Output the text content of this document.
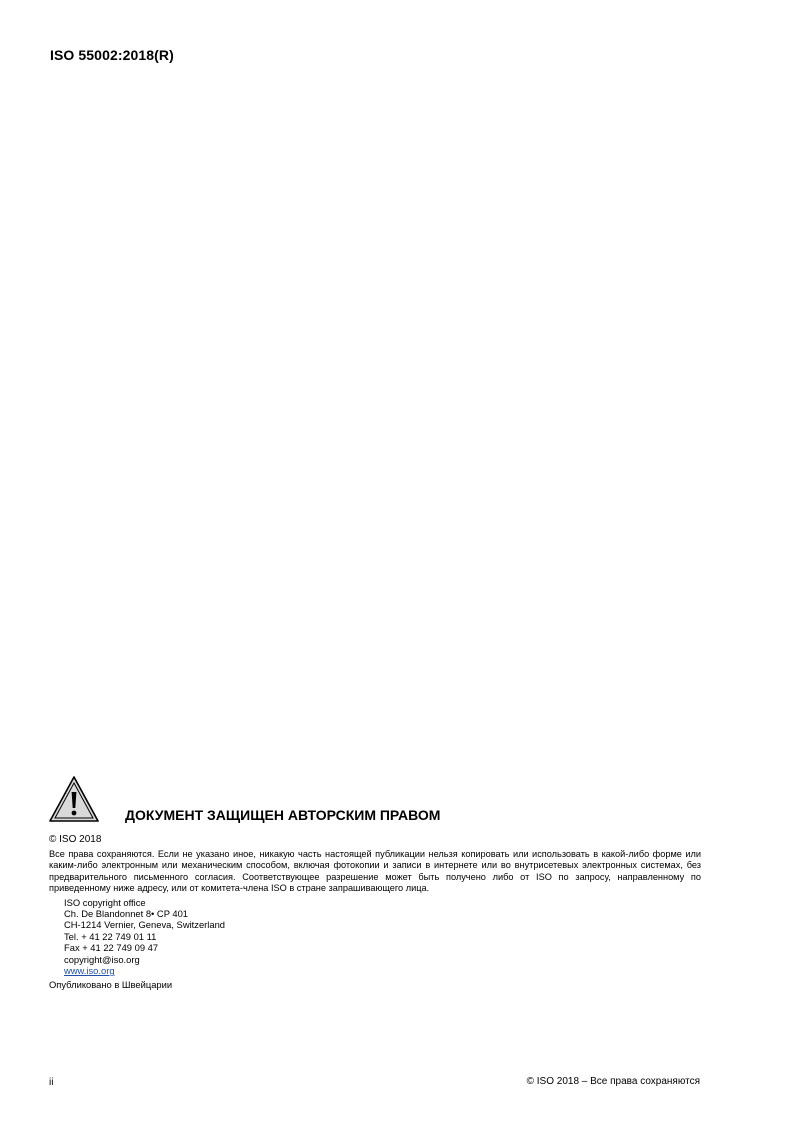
ISO 55002:2018(R)
ДОКУМЕНТ ЗАЩИЩЕН АВТОРСКИМ ПРАВОМ
© ISO 2018
Все права сохраняются. Если не указано иное, никакую часть настоящей публикации нельзя копировать или использовать в какой-либо форме или каким-либо электронным или механическим способом, включая фотокопии и записи в интернете или во внутрисетевых электронных системах, без предварительного письменного согласия. Соответствующее разрешение может быть получено либо от ISO по запросу, направленному по приведенному ниже адресу, или от комитета-члена ISO в стране запрашивающего лица.
ISO copyright office
Ch. De Blandonnet 8• CP 401
CH-1214 Vernier, Geneva, Switzerland
Tel. + 41 22 749 01 11
Fax + 41 22 749 09 47
copyright@iso.org
www.iso.org
Опубликовано в Швейцарии
ii	© ISO 2018 – Все права сохраняются
